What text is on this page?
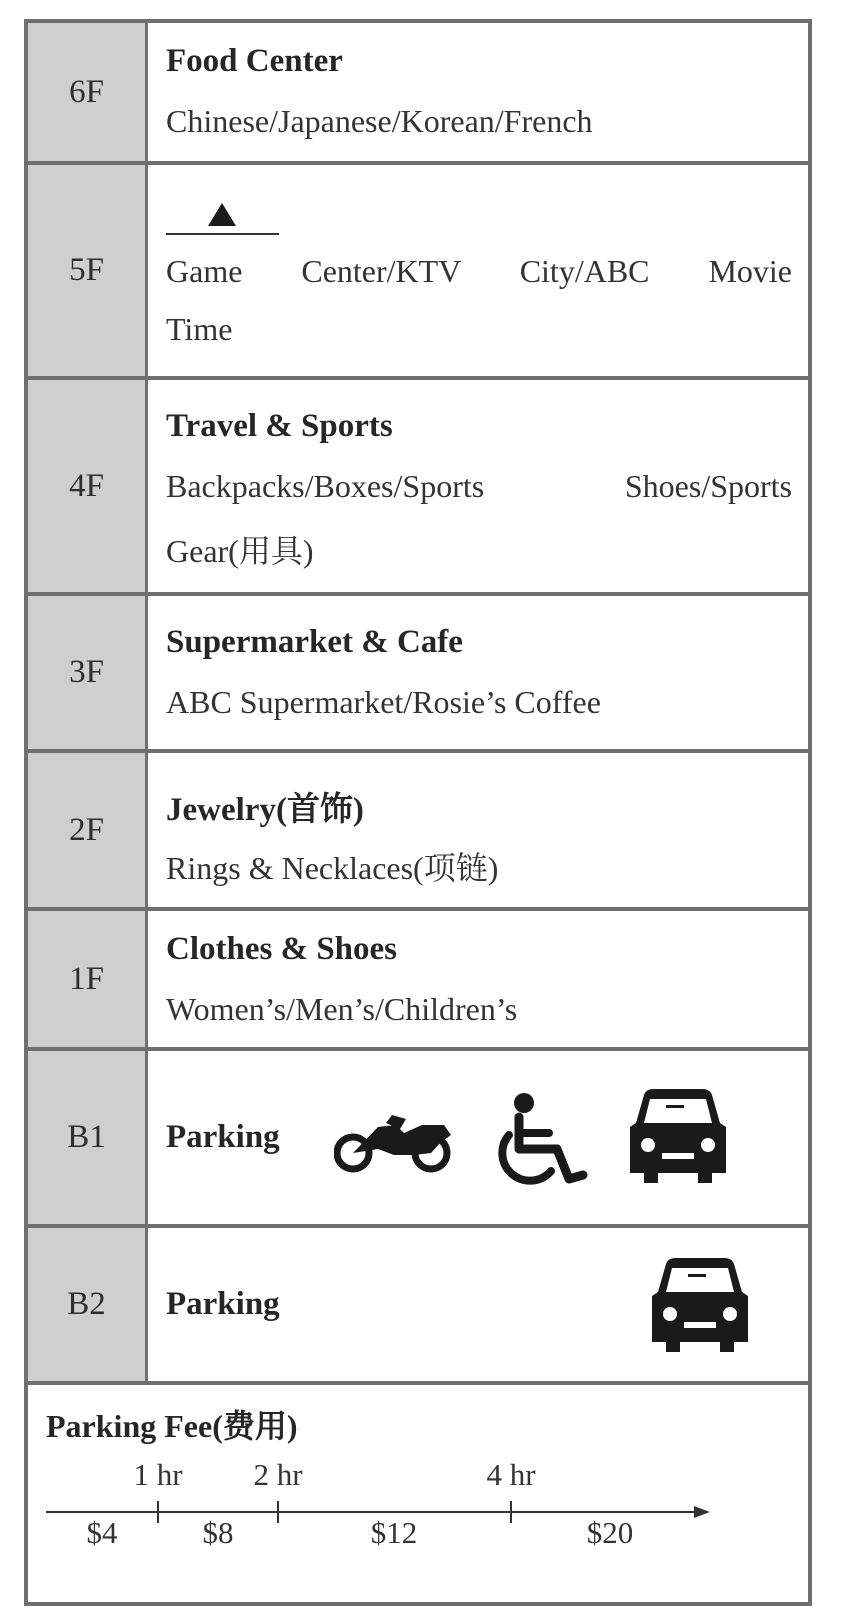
6F
Food Center
Chinese/Japanese/Korean/French
5F	Game Center/KTV City/ABC Movie
Time
4F
Travel & Sports
Backpacks/Boxes/Sports Shoes/Sports
Gear(用具)
3F
Supermarket & Cafe
ABC Supermarket/Rosie’s Coffee
2F
Jewelry(首饰)
Rings & Necklaces(项链)
1F
Clothes & Shoes
Women’s/Men’s/Children’s
B1	Parking
B2	Parking
Parking Fee(费用)
1 hr 2 hr	4 hr
$4	$8	$12	$20
